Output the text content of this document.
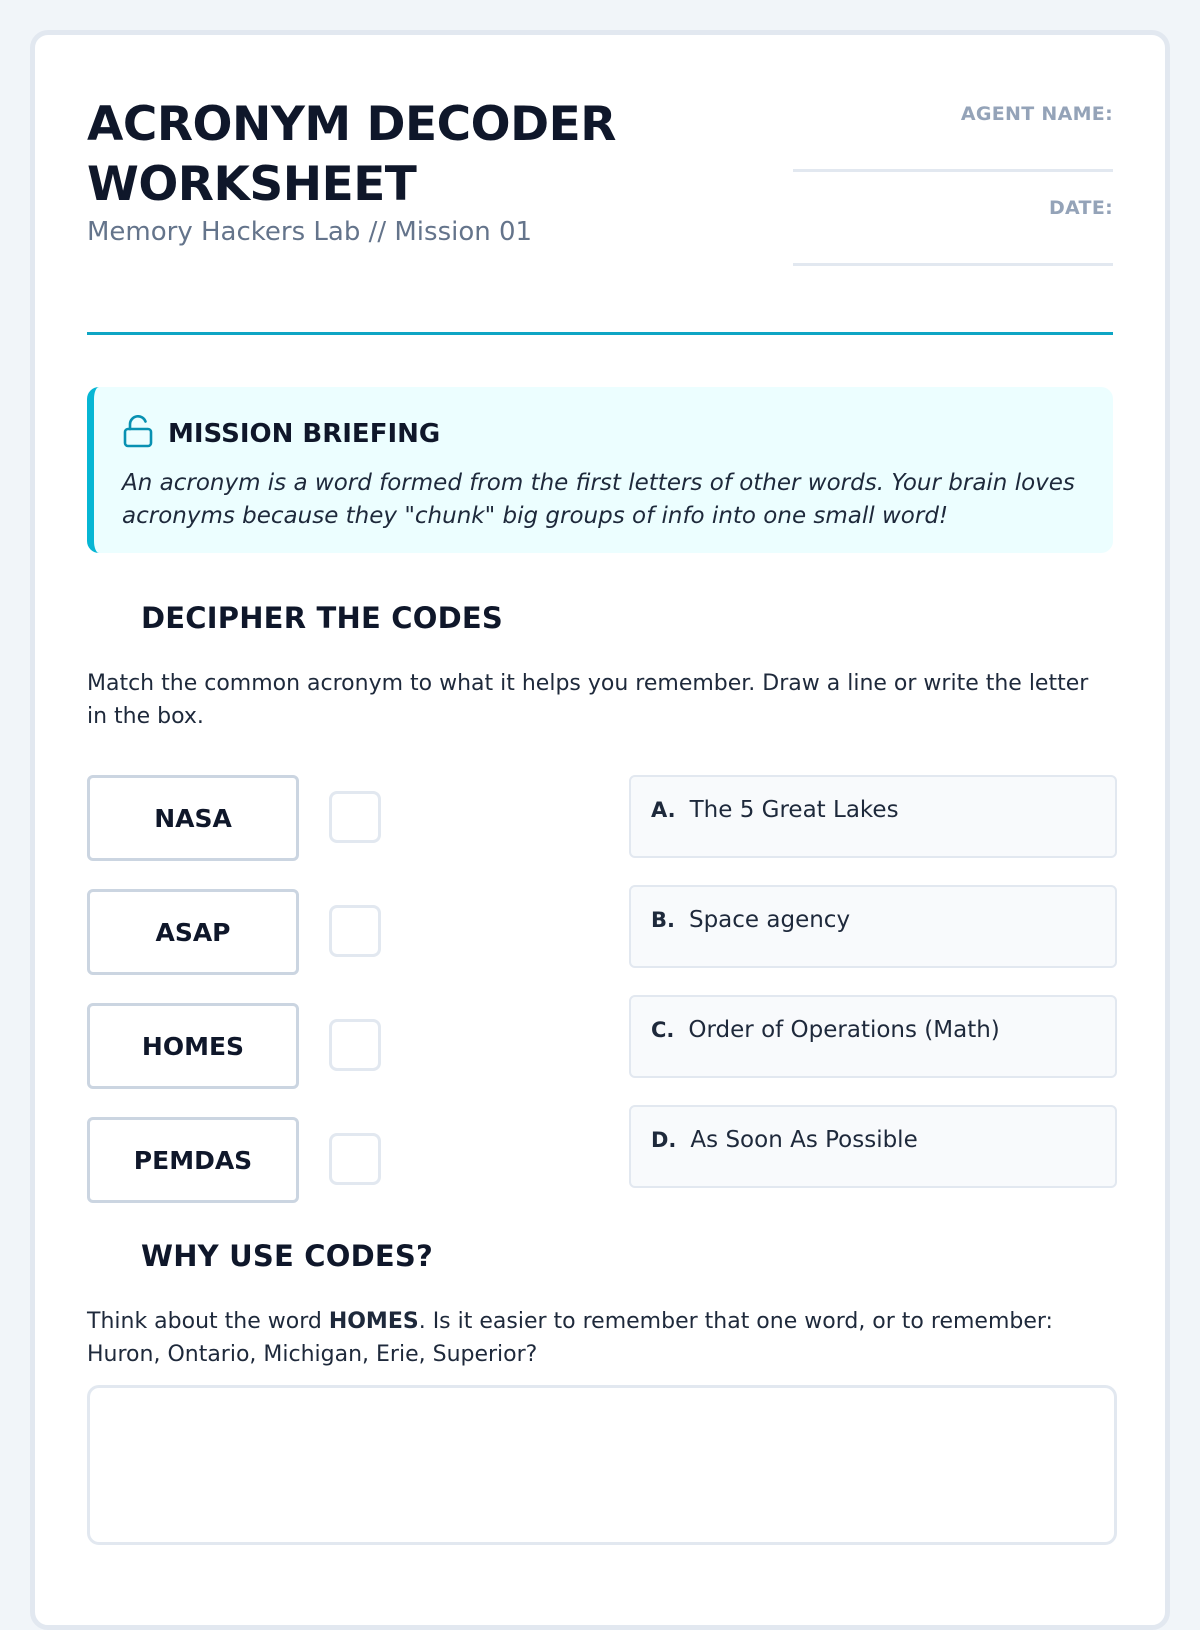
ACRONYM DECODER
WORKSHEET
Memory Hackers Lab // Mission 01
AGENT NAME:
DATE:
MISSION BRIEFING
An acronym is a word formed from the first letters of other words. Your brain loves acronyms because they "chunk" big groups of info into one small word!
DECIPHER THE CODES
Match the common acronym to what it helps you remember. Draw a line or write the letter in the box.
NASA
ASAP
HOMES
PEMDAS
A. The 5 Great Lakes
B. Space agency
C. Order of Operations (Math)
D. As Soon As Possible
WHY USE CODES?
Think about the word HOMES. Is it easier to remember that one word, or to remember: Huron, Ontario, Michigan, Erie, Superior?
